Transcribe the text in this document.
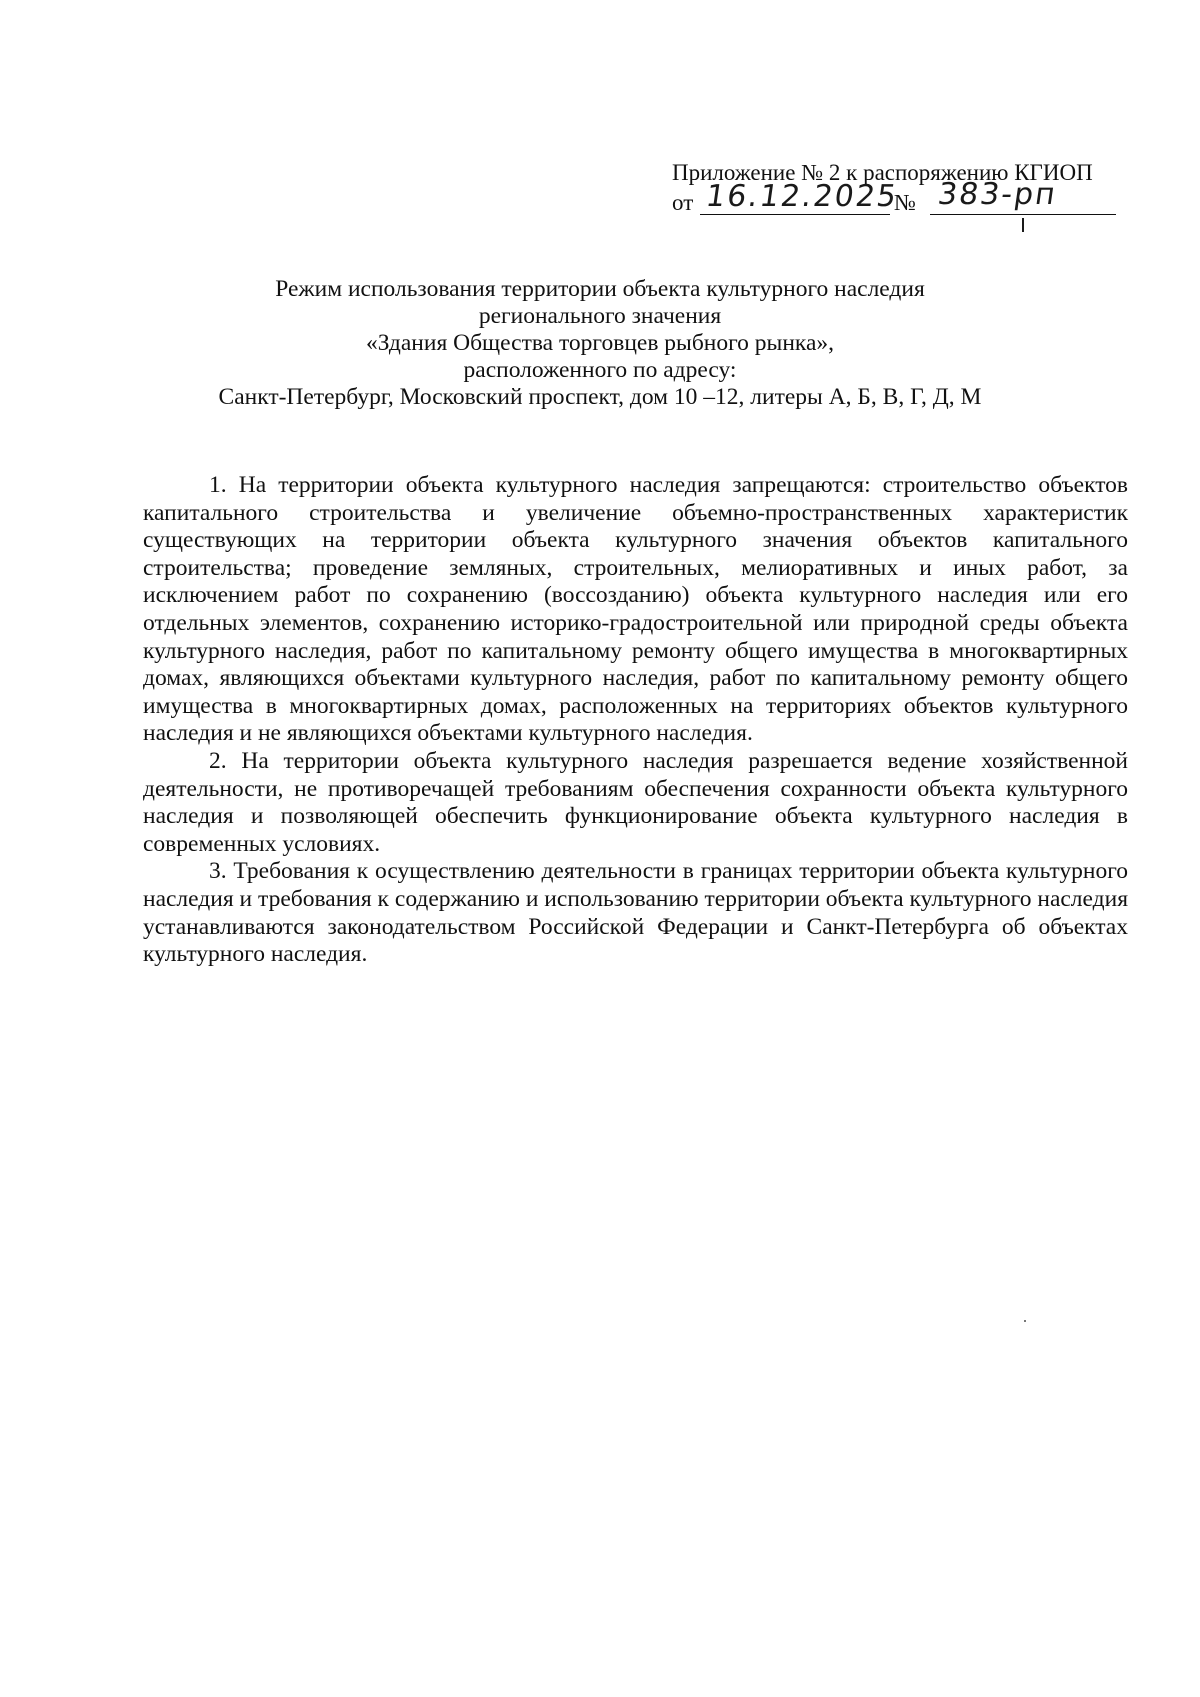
Приложение № 2 к распоряжению КГИОП
от 16.12.2025
№ 383-рп
Режим использования территории объекта культурного наследия
регионального значения
«Здания Общества торговцев рыбного рынка»,
расположенного по адресу:
Санкт-Петербург, Московский проспект, дом 10 –12, литеры А, Б, В, Г, Д, М

1. На территории объекта культурного наследия запрещаются: строительство объектов капитального строительства и увеличение объемно-пространственных характеристик существующих на территории объекта культурного значения объектов капитального строительства; проведение земляных, строительных, мелиоративных и иных работ, за исключением работ по сохранению (воссозданию) объекта культурного наследия или его отдельных элементов, сохранению историко-градостроительной или природной среды объекта культурного наследия, работ по капитальному ремонту общего имущества в многоквартирных домах, являющихся объектами культурного наследия, работ по капитальному ремонту общего имущества в многоквартирных домах, расположенных на территориях объектов культурного наследия и не являющихся объектами культурного наследия.

2. На территории объекта культурного наследия разрешается ведение хозяйственной деятельности, не противоречащей требованиям обеспечения сохранности объекта культурного наследия и позволяющей обеспечить функционирование объекта культурного наследия в современных условиях.

3. Требования к осуществлению деятельности в границах территории объекта культурного наследия и требования к содержанию и использованию территории объекта культурного наследия устанавливаются законодательством Российской Федерации и Санкт-Петербурга об объектах культурного наследия.
